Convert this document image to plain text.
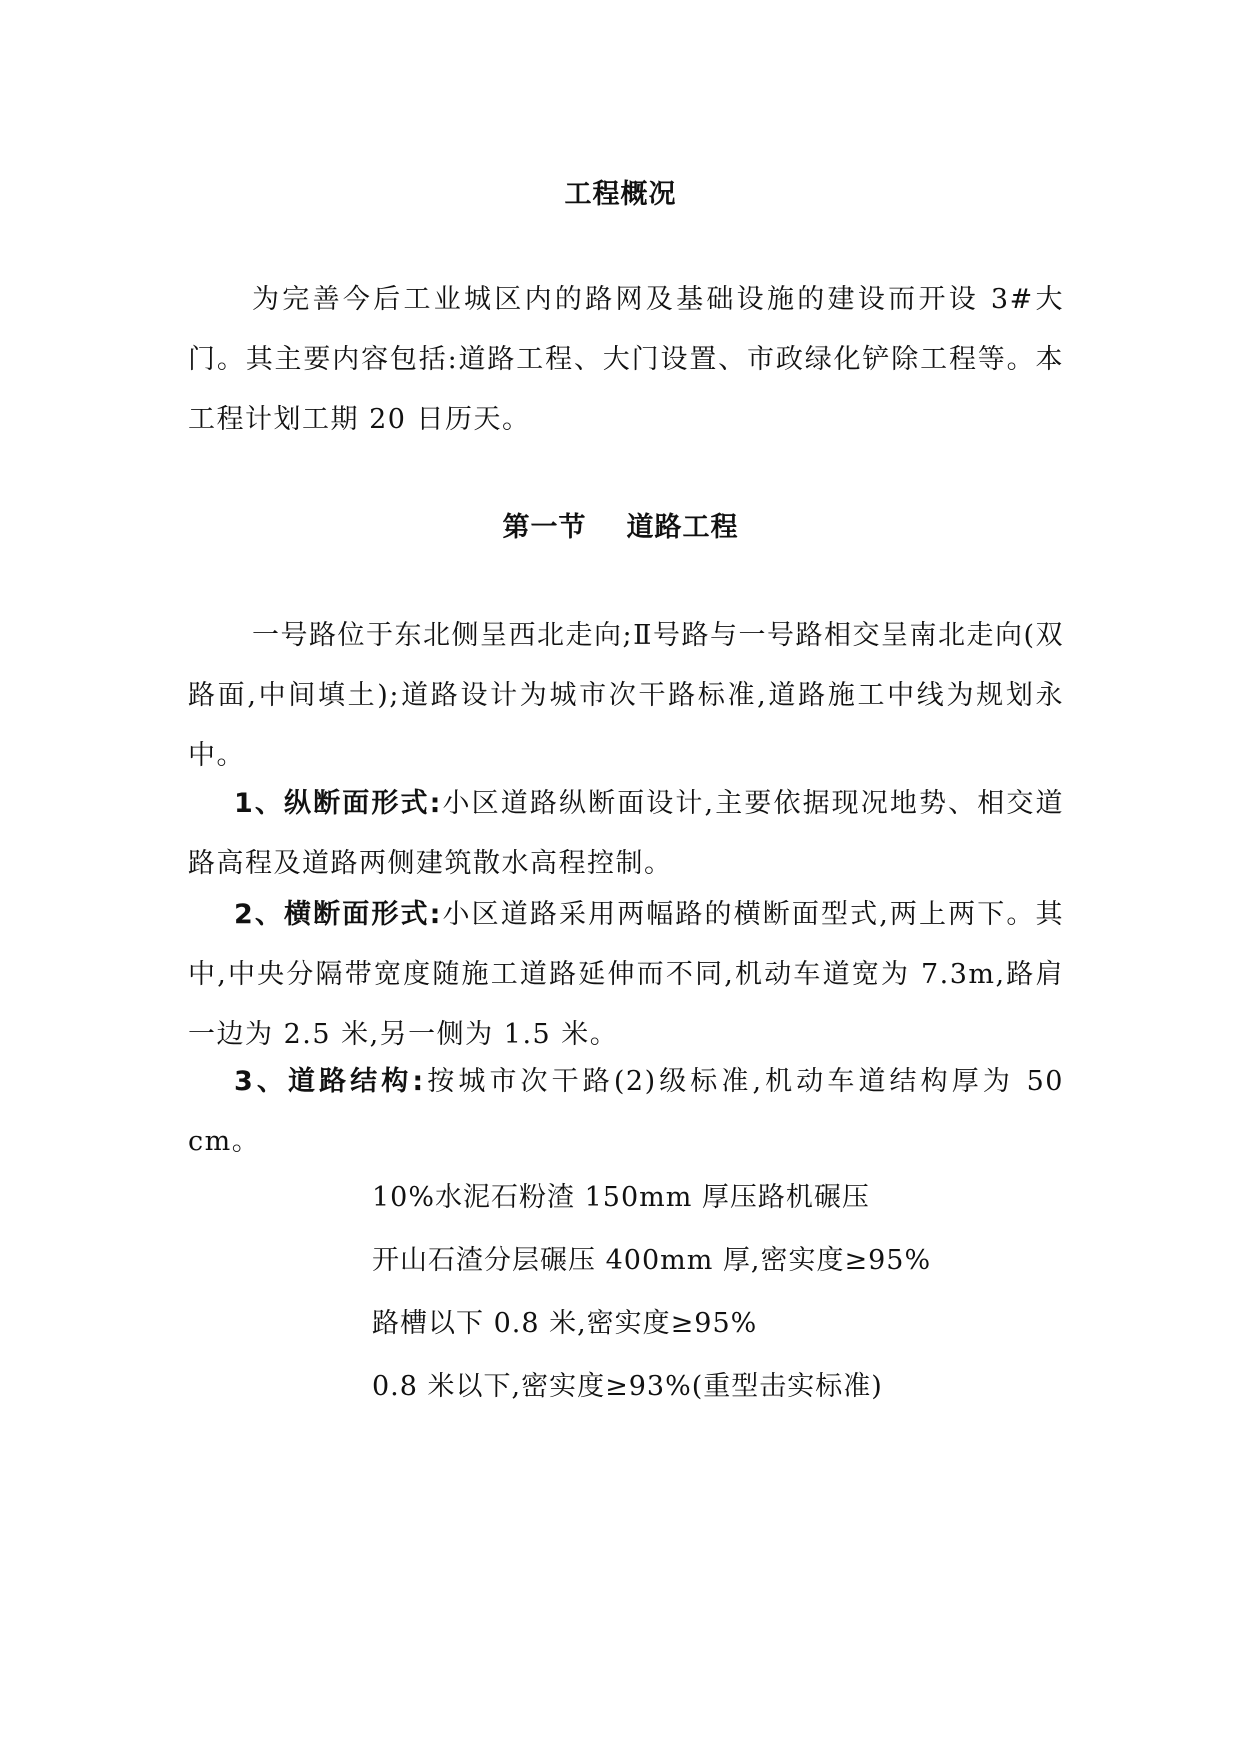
工程概况
为完善今后工业城区内的路网及基础设施的建设而开设 3#大门。其主要内容包括:道路工程、大门设置、市政绿化铲除工程等。本工程计划工期 20 日历天。
第一节 道路工程
一号路位于东北侧呈西北走向;Ⅱ号路与一号路相交呈南北走向(双路面,中间填土);道路设计为城市次干路标准,道路施工中线为规划永中。
1、纵断面形式:小区道路纵断面设计,主要依据现况地势、相交道路高程及道路两侧建筑散水高程控制。
2、横断面形式:小区道路采用两幅路的横断面型式,两上两下。其中,中央分隔带宽度随施工道路延伸而不同,机动车道宽为 7.3m,路肩一边为 2.5 米,另一侧为 1.5 米。
3、道路结构:按城市次干路(2)级标准,机动车道结构厚为 50 cm。
10%水泥石粉渣 150mm 厚压路机碾压
开山石渣分层碾压 400mm 厚,密实度≥95%
路槽以下 0.8 米,密实度≥95%
0.8 米以下,密实度≥93%(重型击实标准)
